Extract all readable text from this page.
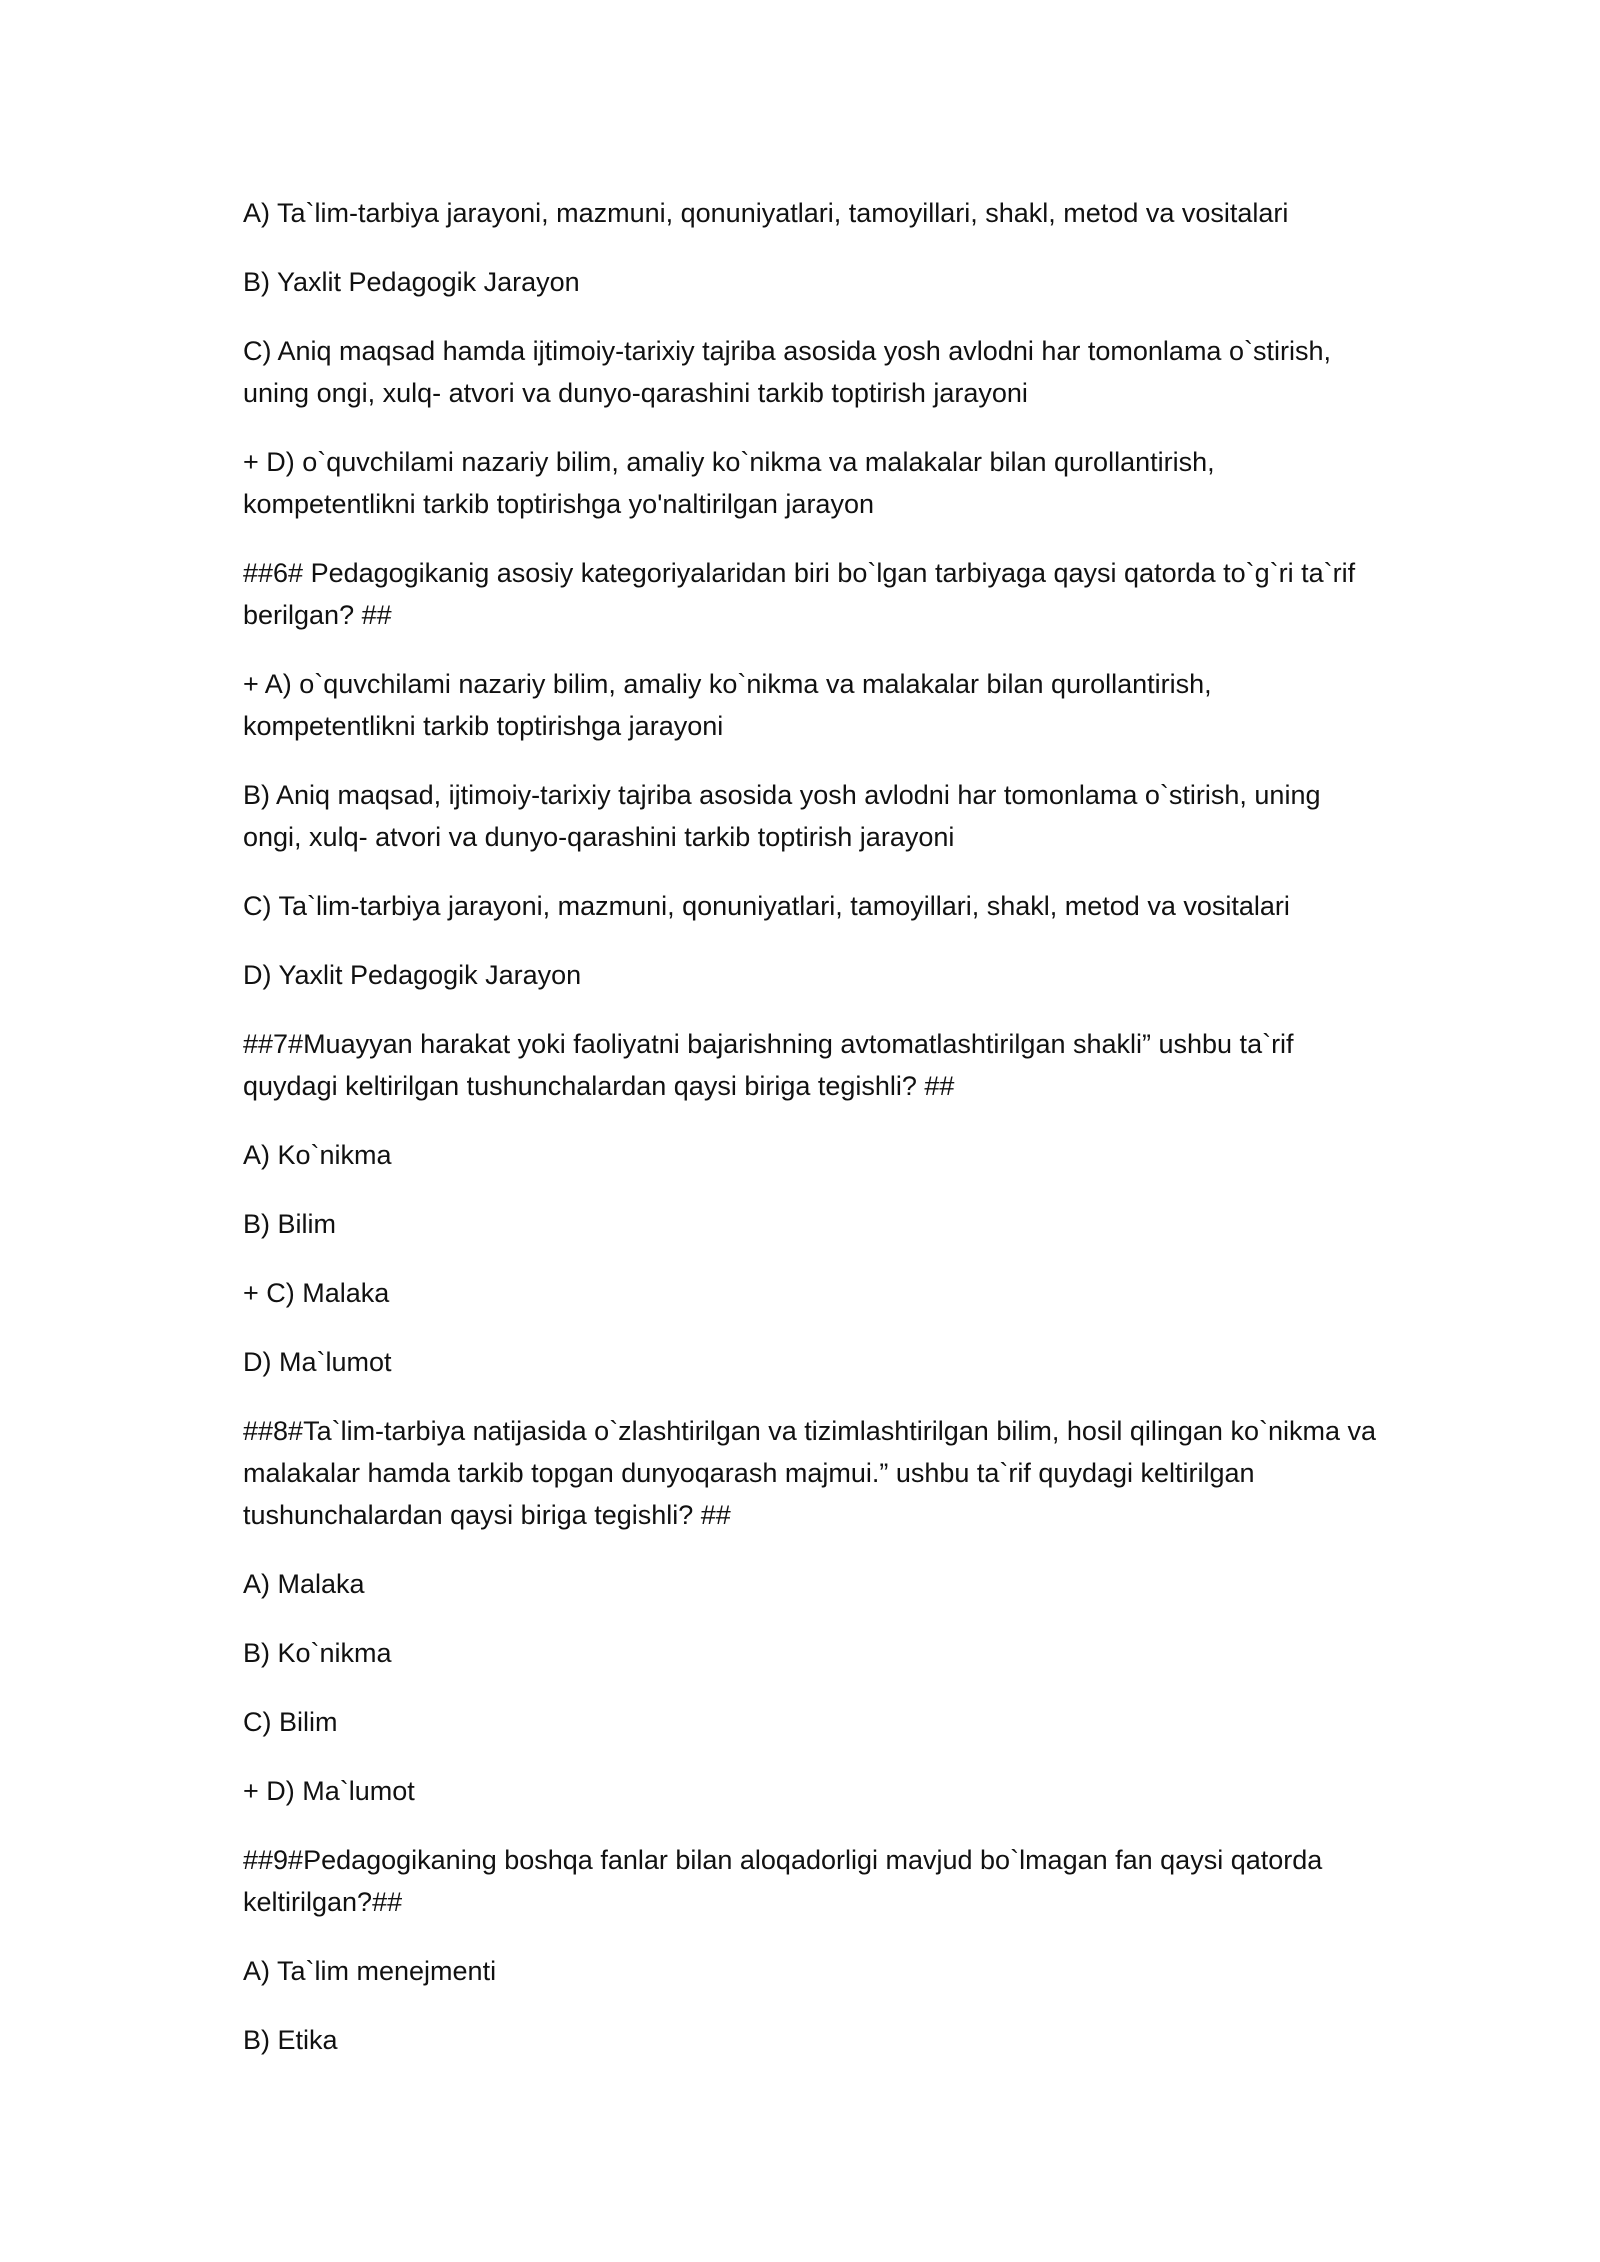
A) Ta`lim-tarbiya jarayoni, mazmuni, qonuniyatlari, tamoyillari, shakl, metod va vositalari

B) Yaxlit Pedagogik Jarayon

C) Aniq maqsad hamda ijtimoiy-tarixiy tajriba asosida yosh avlodni har tomonlama o`stirish, uning ongi, xulq- atvori va dunyo-qarashini tarkib toptirish jarayoni

+ D) o`quvchilami nazariy bilim, amaliy ko`nikma va malakalar bilan qurollantirish, kompetentlikni tarkib toptirishga yo'naltirilgan jarayon

##6# Pedagogikanig asosiy kategoriyalaridan biri bo`lgan tarbiyaga qaysi qatorda to`g`ri ta`rif berilgan? ##

+ A) o`quvchilami nazariy bilim, amaliy ko`nikma va malakalar bilan qurollantirish, kompetentlikni tarkib toptirishga jarayoni

B) Aniq maqsad, ijtimoiy-tarixiy tajriba asosida yosh avlodni har tomonlama o`stirish, uning ongi, xulq- atvori va dunyo-qarashini tarkib toptirish jarayoni

C) Ta`lim-tarbiya jarayoni, mazmuni, qonuniyatlari, tamoyillari, shakl, metod va vositalari

D) Yaxlit Pedagogik Jarayon

##7#Muayyan harakat yoki faoliyatni bajarishning avtomatlashtirilgan shakli” ushbu ta`rif quydagi keltirilgan tushunchalardan qaysi biriga tegishli? ##

A) Ko`nikma

B) Bilim

+ C) Malaka

D) Ma`lumot

##8#Ta`lim-tarbiya natijasida o`zlashtirilgan va tizimlashtirilgan bilim, hosil qilingan ko`nikma va malakalar hamda tarkib topgan dunyoqarash majmui.” ushbu ta`rif quydagi keltirilgan tushunchalardan qaysi biriga tegishli? ##

A) Malaka

B) Ko`nikma

C) Bilim

+ D) Ma`lumot

##9#Pedagogikaning boshqa fanlar bilan aloqadorligi mavjud bo`lmagan fan qaysi qatorda keltirilgan?##

A) Ta`lim menejmenti

B) Etika
